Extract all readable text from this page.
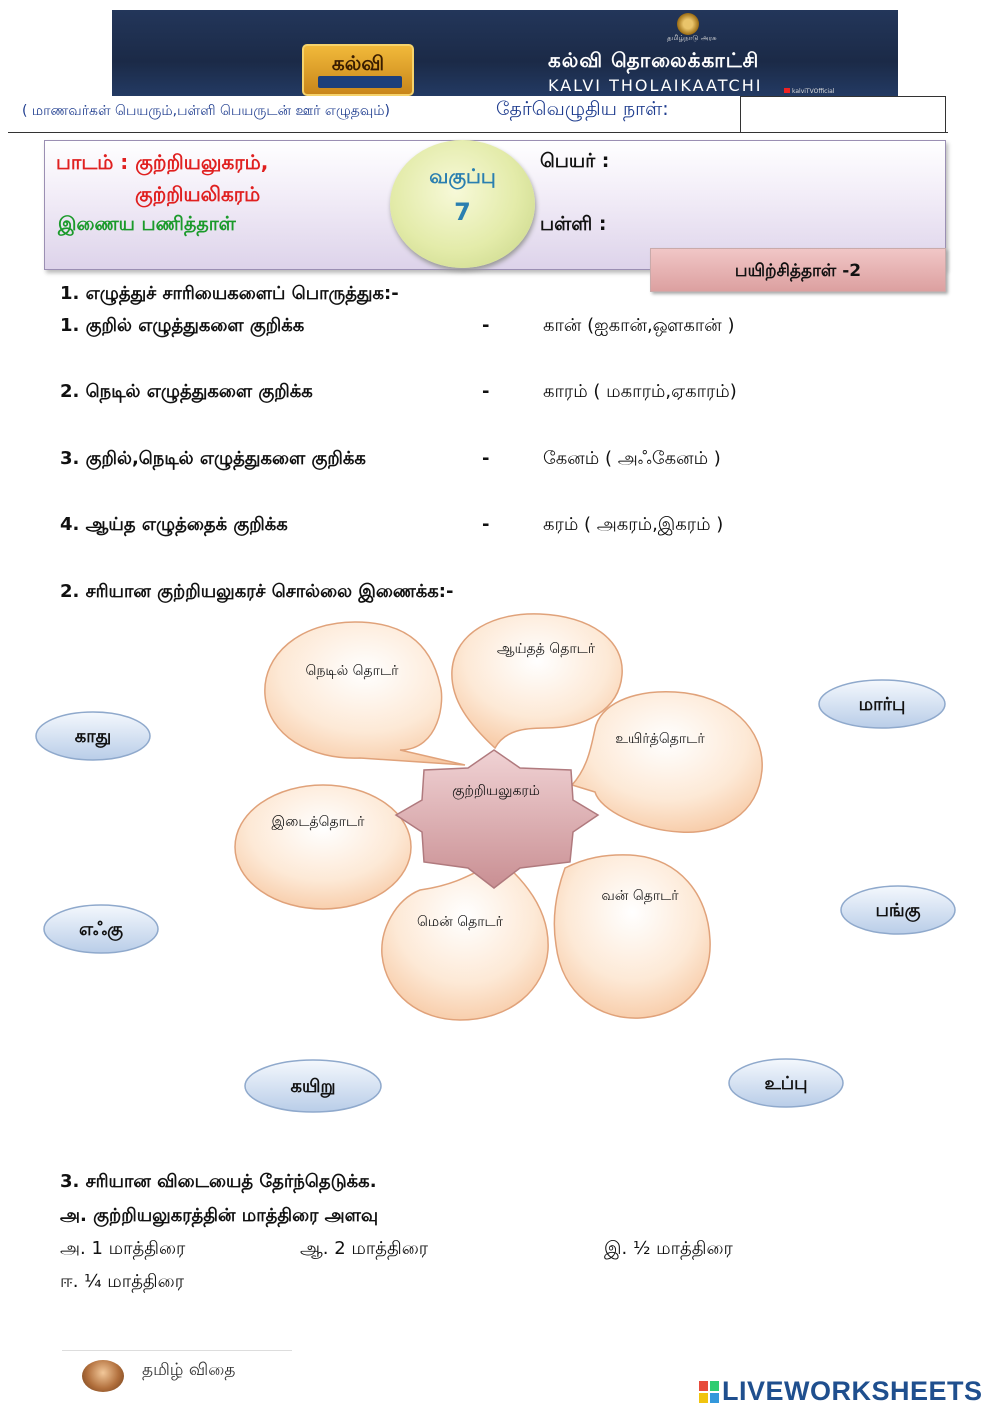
கல்வி
தமிழ்நாடு அரசு
கல்வி தொலைக்காட்சி
KALVI THOLAIKAATCHI	kalviTVOfficial
( மாணவர்கள் பெயரும்,பள்ளி பெயருடன் ஊர் எழுதவும்)	தேர்வெழுதிய நாள்:
பாடம் : குற்றியலுகரம்,
குற்றியலிகரம்
இணைய பணித்தாள்
வகுப்பு
7
பெயர் :
பள்ளி :
பயிற்சித்தாள் -2
1. எழுத்துச் சாரியைகளைப் பொருத்துக:-
1. குறில் எழுத்துகளை குறிக்க	-	கான் (ஐகான்,ஔகான் )
2. நெடில் எழுத்துகளை குறிக்க	-	காரம் ( மகாரம்,ஏகாரம்)
3. குறில்,நெடில் எழுத்துகளை குறிக்க	-	கேனம் ( அஃகேனம் )
4. ஆய்த எழுத்தைக் குறிக்க	-	கரம் ( அகரம்,இகரம் )
2. சரியான குற்றியலுகரச் சொல்லை இணைக்க:-
நெடில் தொடர்
ஆய்தத் தொடர்
உயிர்த்தொடர்
இடைத்தொடர்
வன் தொடர்
மென் தொடர்
குற்றியலுகரம்
காது
மார்பு
எஃகு
பங்கு
கயிறு	உப்பு
3. சரியான விடையைத் தேர்ந்தெடுக்க.
அ. குற்றியலுகரத்தின் மாத்திரை அளவு
அ. 1 மாத்திரை	ஆ. 2 மாத்திரை	இ. ½ மாத்திரை
ஈ. ¼ மாத்திரை
தமிழ் விதை
LIVEWORKSHEETS
